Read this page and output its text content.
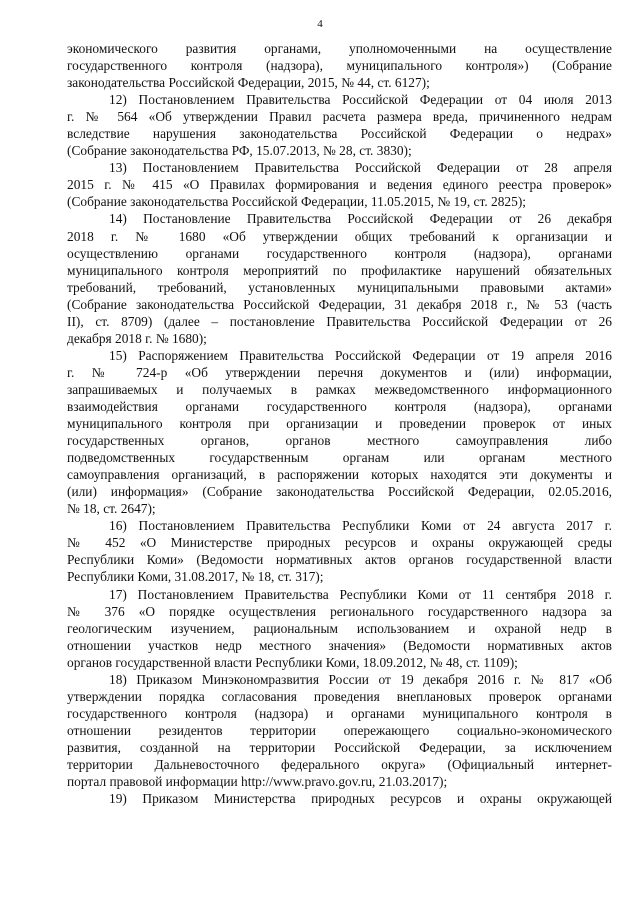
4
экономического развития органами, уполномоченными на осуществление
государственного контроля (надзора), муниципального контроля») (Собрание
законодательства Российской Федерации, 2015, № 44, ст. 6127);
12) Постановлением Правительства Российской Федерации от 04 июля 2013
г. № 564 «Об утверждении Правил расчета размера вреда, причиненного недрам
вследствие нарушения законодательства Российской Федерации о недрах»
(Собрание законодательства РФ, 15.07.2013, № 28, ст. 3830);
13) Постановлением Правительства Российской Федерации от 28 апреля
2015 г. № 415 «О Правилах формирования и ведения единого реестра проверок»
(Собрание законодательства Российской Федерации, 11.05.2015, № 19, ст. 2825);
14) Постановление Правительства Российской Федерации от 26 декабря
2018 г. № 1680 «Об утверждении общих требований к организации и
осуществлению органами государственного контроля (надзора), органами
муниципального контроля мероприятий по профилактике нарушений обязательных
требований, требований, установленных муниципальными правовыми актами»
(Собрание законодательства Российской Федерации, 31 декабря 2018 г., № 53 (часть
II), ст. 8709) (далее – постановление Правительства Российской Федерации от 26
декабря 2018 г. № 1680);
15) Распоряжением Правительства Российской Федерации от 19 апреля 2016
г. № 724-р «Об утверждении перечня документов и (или) информации,
запрашиваемых и получаемых в рамках межведомственного информационного
взаимодействия органами государственного контроля (надзора), органами
муниципального контроля при организации и проведении проверок от иных
государственных органов, органов местного самоуправления либо
подведомственных государственным органам или органам местного
самоуправления организаций, в распоряжении которых находятся эти документы и
(или) информация» (Собрание законодательства Российской Федерации, 02.05.2016,
№ 18, ст. 2647);
16) Постановлением Правительства Республики Коми от 24 августа 2017 г.
№ 452 «О Министерстве природных ресурсов и охраны окружающей среды
Республики Коми» (Ведомости нормативных актов органов государственной власти
Республики Коми, 31.08.2017, № 18, ст. 317);
17) Постановлением Правительства Республики Коми от 11 сентября 2018 г.
№ 376 «О порядке осуществления регионального государственного надзора за
геологическим изучением, рациональным использованием и охраной недр в
отношении участков недр местного значения» (Ведомости нормативных актов
органов государственной власти Республики Коми, 18.09.2012, № 48, ст. 1109);
18) Приказом Минэкономразвития России от 19 декабря 2016 г. № 817 «Об
утверждении порядка согласования проведения внеплановых проверок органами
государственного контроля (надзора) и органами муниципального контроля в
отношении резидентов территории опережающего социально-экономического
развития, созданной на территории Российской Федерации, за исключением
территории Дальневосточного федерального округа» (Официальный интернет-
портал правовой информации http://www.pravo.gov.ru, 21.03.2017);
19) Приказом Министерства природных ресурсов и охраны окружающей
